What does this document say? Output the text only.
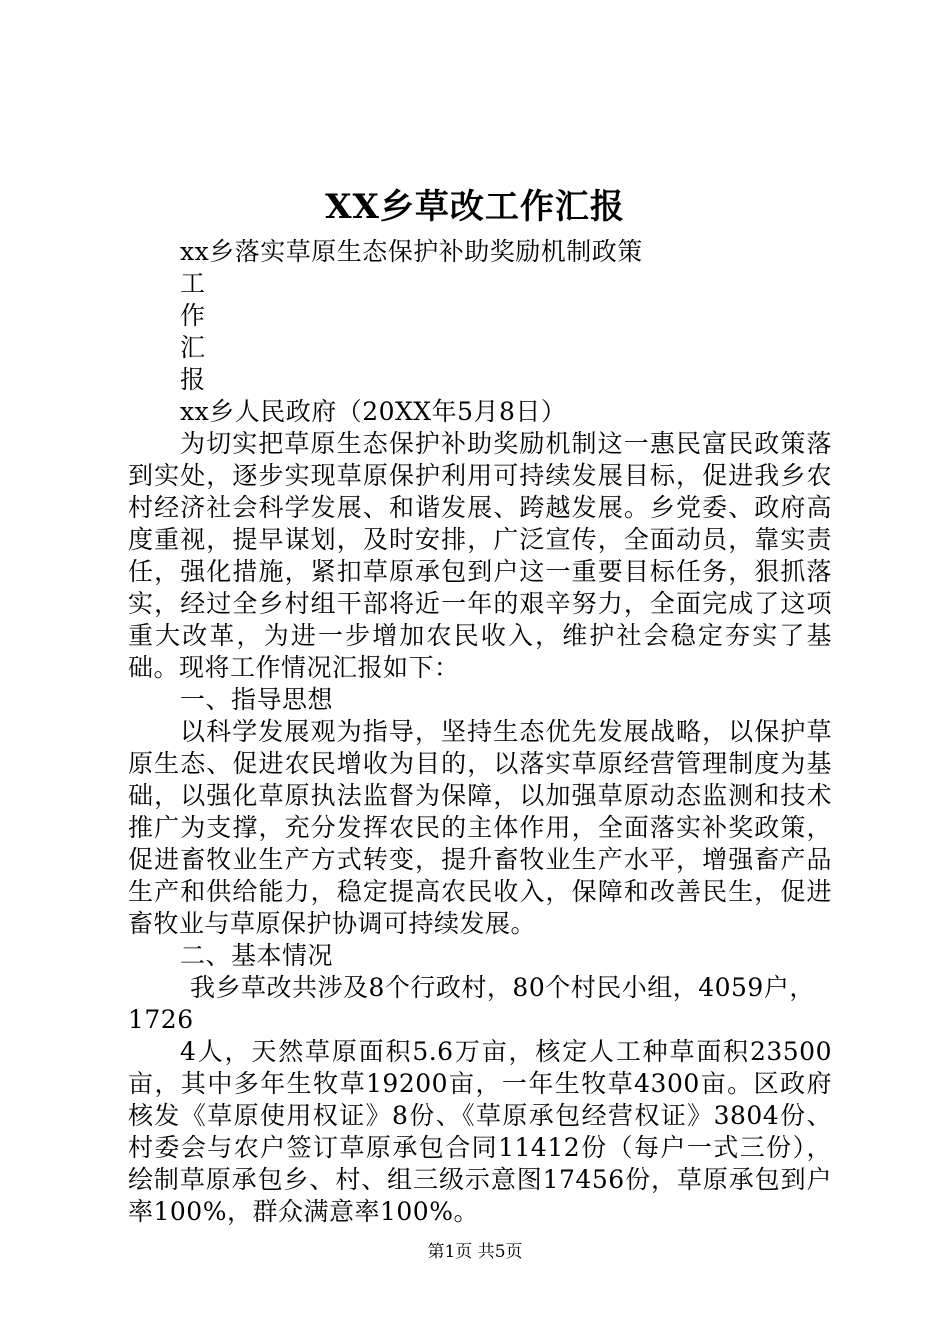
XX乡草改工作汇报

xx乡落实草原生态保护补助奖励机制政策

工

作

汇

报

xx乡人民政府（20XX年5月8日）

为切实把草原生态保护补助奖励机制这一惠民富民政策落到实处，逐步实现草原保护利用可持续发展目标，促进我乡农村经济社会科学发展、和谐发展、跨越发展。乡党委、政府高度重视，提早谋划，及时安排，广泛宣传，全面动员，靠实责任，强化措施，紧扣草原承包到户这一重要目标任务，狠抓落实，经过全乡村组干部将近一年的艰辛努力，全面完成了这项重大改革，为进一步增加农民收入，维护社会稳定夯实了基础。现将工作情况汇报如下：

一、指导思想

以科学发展观为指导，坚持生态优先发展战略，以保护草原生态、促进农民增收为目的，以落实草原经营管理制度为基础，以强化草原执法监督为保障，以加强草原动态监测和技术推广为支撑，充分发挥农民的主体作用，全面落实补奖政策，促进畜牧业生产方式转变，提升畜牧业生产水平，增强畜产品生产和供给能力，稳定提高农民收入，保障和改善民生，促进畜牧业与草原保护协调可持续发展。

二、基本情况

我乡草改共涉及8个行政村，80个村民小组，4059户，

1726

4人，天然草原面积5.6万亩，核定人工种草面积23500亩，其中多年生牧草19200亩，一年生牧草4300亩。区政府核发《草原使用权证》8份、《草原承包经营权证》3804份、村委会与农户签订草原承包合同11412份（每户一式三份），绘制草原承包乡、村、组三级示意图17456份，草原承包到户率100%，群众满意率100%。

第1页 共5页
